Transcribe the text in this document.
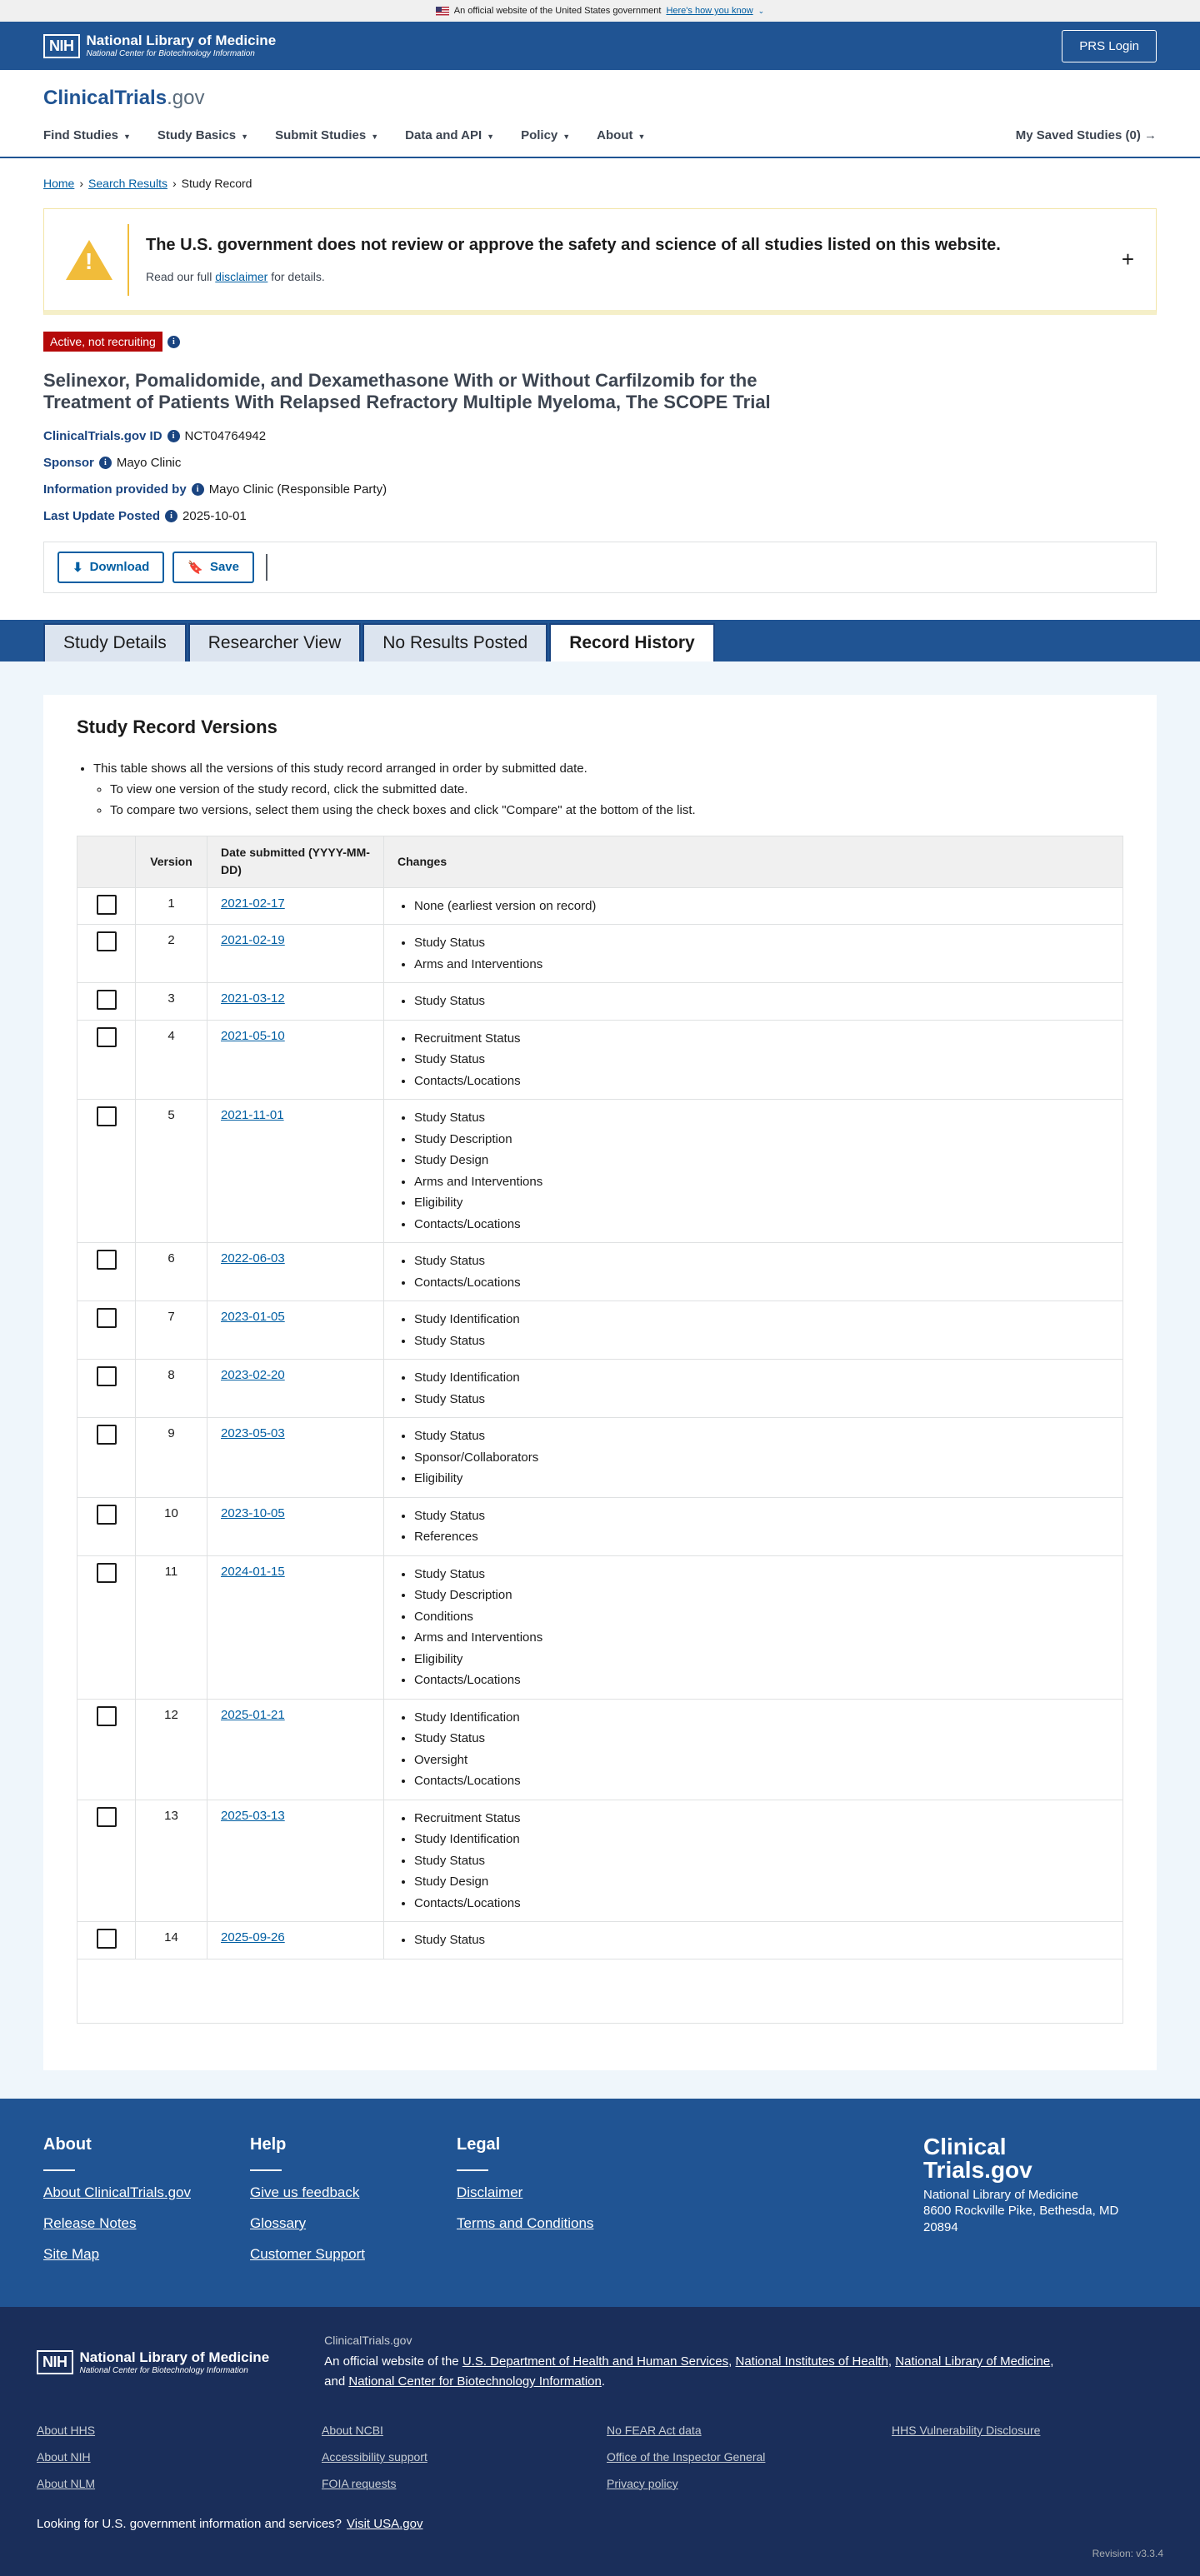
An official website of the United States government Here's how you know ⌄
NIH National Library of Medicine
National Center for Biotechnology Information
PRS Login
ClinicalTrials.gov
Find Studies ▼ Study Basics ▼ Submit Studies ▼ Data and API ▼ Policy ▼ About ▼	My Saved Studies (0) →
Home › Search Results › Study Record
!
The U.S. government does not review or approve the safety and science of all studies listed on this website.
Read our full disclaimer for details.
+
Active, not recruiting	i
Selinexor, Pomalidomide, and Dexamethasone With or Without Carfilzomib for the Treatment of Patients With Relapsed Refractory Multiple Myeloma, The SCOPE Trial
ClinicalTrials.gov ID	i NCT04764942
Sponsor	i Mayo Clinic
Information provided by	i Mayo Clinic (Responsible Party)
Last Update Posted	i 2025-10-01
⬇ Download	🔖 Save
Study Details	Researcher View	No Results Posted	Record History
Study Record Versions
• This table shows all the versions of this study record arranged in order by submitted date.
◦ To view one version of the study record, click the submitted date.
◦ To compare two versions, select them using the check boxes and click "Compare" at the bottom of the list.
Version
Date submitted (YYYY-MM-DD)
Changes
1	2021-02-17	• None (earliest version on record)
2	2021-02-19	• Study Status
• Arms and Interventions
3	2021-03-12	• Study Status
4	2021-05-10	• Recruitment Status
• Study Status
• Contacts/Locations
5	2021-11-01	• Study Status
• Study Description
• Study Design
• Arms and Interventions
• Eligibility
• Contacts/Locations
6	2022-06-03	• Study Status
• Contacts/Locations
7	2023-01-05	• Study Identification
• Study Status
8	2023-02-20	• Study Identification
• Study Status
9	2023-05-03	• Study Status
• Sponsor/Collaborators
• Eligibility
10	2023-10-05	• Study Status
• References
11	2024-01-15	• Study Status
• Study Description
• Conditions
• Arms and Interventions
• Eligibility
• Contacts/Locations
12	2025-01-21	• Study Identification
• Study Status
• Oversight
• Contacts/Locations
13	2025-03-13	• Recruitment Status
• Study Identification
• Study Status
• Study Design
• Contacts/Locations
14	2025-09-26	• Study Status
About
About ClinicalTrials.gov
Release Notes
Site Map
Help
Give us feedback
Glossary
Customer Support
Legal
Disclaimer
Terms and Conditions
Clinical
Trials.gov
National Library of Medicine
8600 Rockville Pike, Bethesda, MD 20894
NIH National Library of Medicine
National Center for Biotechnology Information
ClinicalTrials.gov
An official website of the U.S. Department of Health and Human Services, National Institutes of Health, National Library of Medicine,
and National Center for Biotechnology Information.
About HHS	About NCBI	No FEAR Act data	HHS Vulnerability Disclosure
About NIH	Accessibility support	Office of the Inspector General
About NLM	FOIA requests	Privacy policy
Looking for U.S. government information and services? Visit USA.gov
Revision: v3.3.4
